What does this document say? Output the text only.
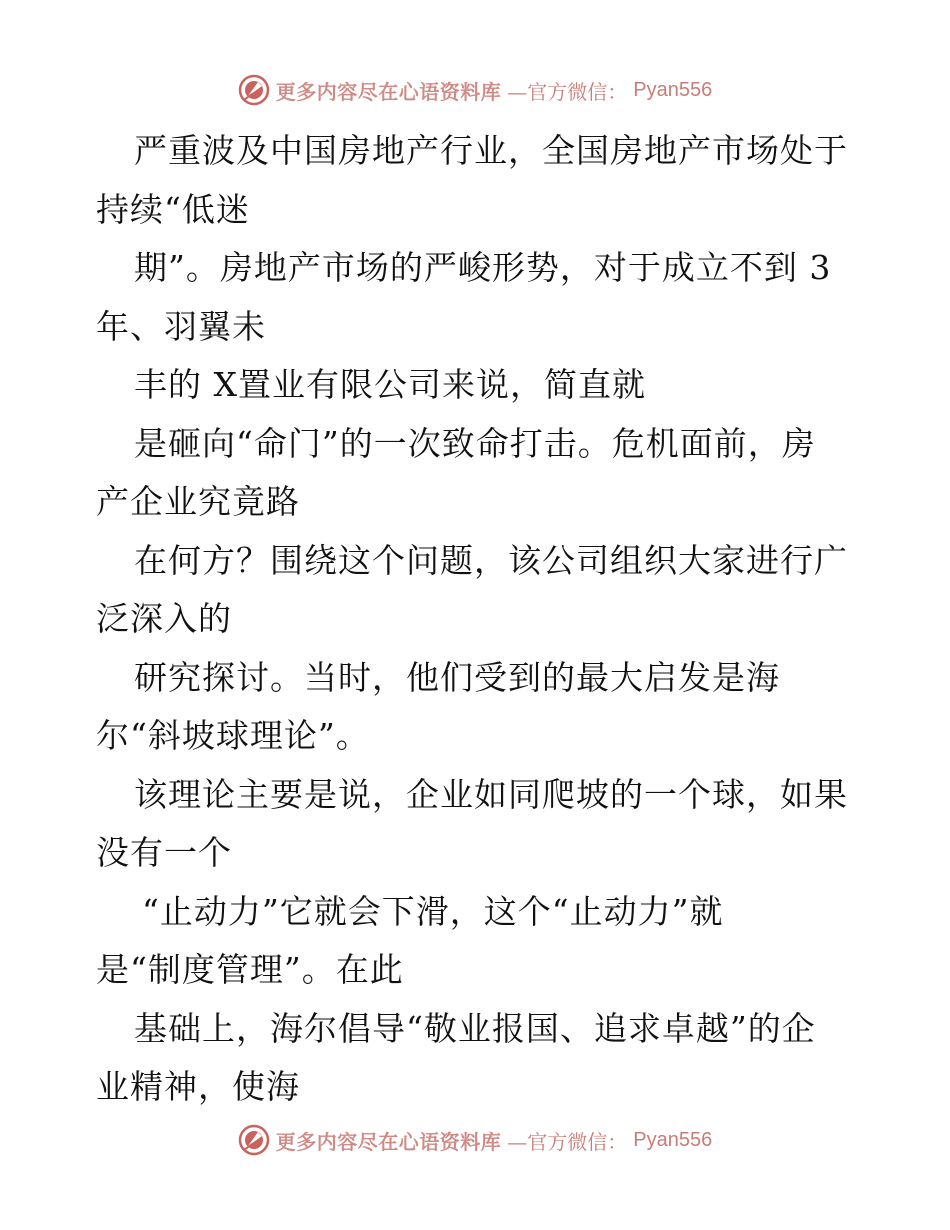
更多内容尽在心语资料库 —官方微信： Pyan556
严重波及中国房地产行业，全国房地产市场处于
持续“低迷
期”。房地产市场的严峻形势，对于成立不到 3
年、羽翼未
丰的 X置业有限公司来说，简直就
是砸向“命门”的一次致命打击。危机面前，房
产企业究竟路
在何方？围绕这个问题，该公司组织大家进行广
泛深入的
研究探讨。当时，他们受到的最大启发是海
尔“斜坡球理论”。
该理论主要是说，企业如同爬坡的一个球，如果
没有一个
“止动力”它就会下滑，这个“止动力”就
是“制度管理”。在此
基础上，海尔倡导“敬业报国、追求卓越”的企
业精神，使海
更多内容尽在心语资料库 —官方微信： Pyan556
